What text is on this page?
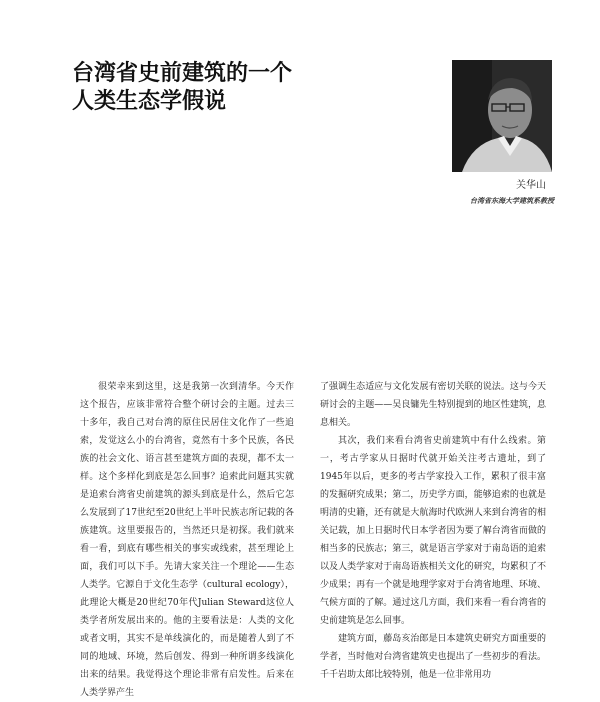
台湾省史前建筑的一个
人类生态学假说
关华山
台湾省东海大学建筑系教授

很荣幸来到这里，这是我第一次到清华。今天作这个报告，应该非常符合整个研讨会的主题。过去三十多年，我自己对台湾的原住民居住文化作了一些追索，发觉这么小的台湾省，竟然有十多个民族，各民族的社会文化、语言甚至建筑方面的表现，都不太一样。这个多样化到底是怎么回事？追索此问题其实就是追索台湾省史前建筑的源头到底是什么，然后它怎么发展到了17世纪至20世纪上半叶民族志所记载的各族建筑。这里要报告的，当然还只是初探。我们就来看一看，到底有哪些相关的事实或线索，甚至理论上面，我们可以下手。先请大家关注一个理论——生态人类学。它源自于文化生态学（cultural ecology），此理论大概是20世纪70年代Julian Steward这位人类学者所发展出来的。他的主要看法是：人类的文化或者文明，其实不是单线演化的，而是随着人到了不同的地域、环境，然后创发、得到一种所谓多线演化出来的结果。我觉得这个理论非常有启发性。后来在人类学界产生

了强调生态适应与文化发展有密切关联的说法。这与今天研讨会的主题——吴良镛先生特别提到的地区性建筑，息息相关。

其次，我们来看台湾省史前建筑中有什么线索。第一，考古学家从日据时代就开始关注考古遗址，到了1945年以后，更多的考古学家投入工作，累积了很丰富的发掘研究成果；第二，历史学方面，能够追索的也就是明清的史籍，还有就是大航海时代欧洲人来到台湾省的相关记载，加上日据时代日本学者因为要了解台湾省而做的相当多的民族志；第三，就是语言学家对于南岛语的追索以及人类学家对于南岛语族相关文化的研究，均累积了不少成果；再有一个就是地理学家对于台湾省地理、环境、气候方面的了解。通过这几方面，我们来看一看台湾省的史前建筑是怎么回事。

建筑方面，藤岛亥治郎是日本建筑史研究方面重要的学者，当时他对台湾省建筑史也提出了一些初步的看法。千千岩助太郎比较特别，他是一位非常用功
